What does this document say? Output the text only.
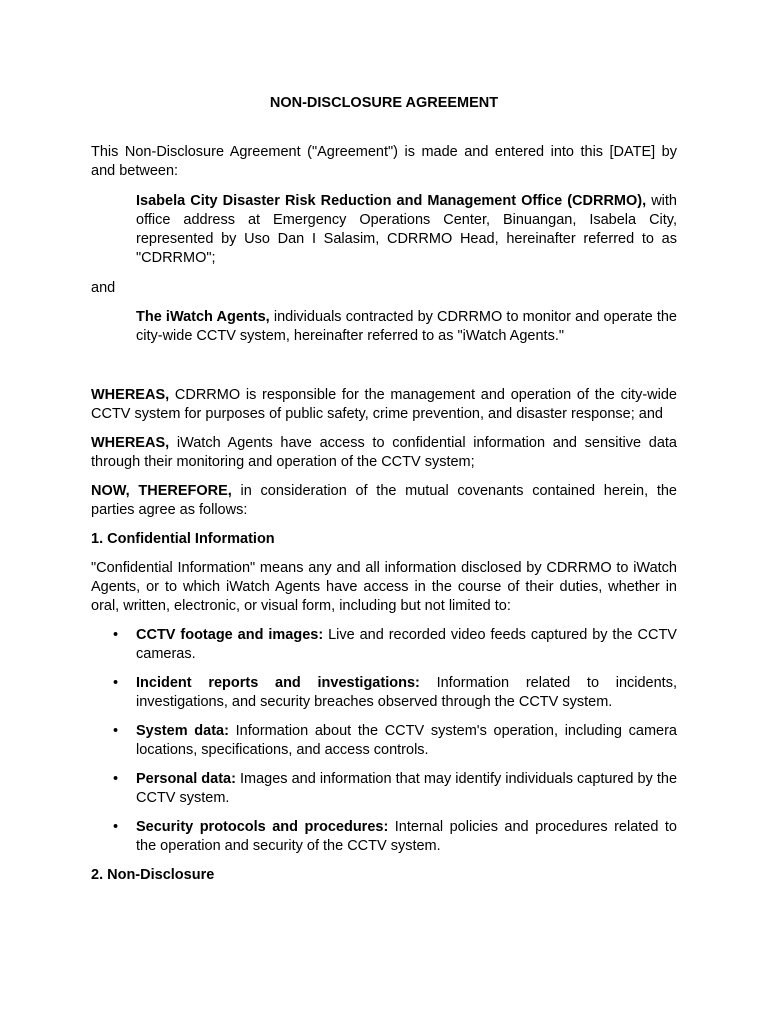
NON-DISCLOSURE AGREEMENT

This Non-Disclosure Agreement ("Agreement") is made and entered into this [DATE] by and between:

Isabela City Disaster Risk Reduction and Management Office (CDRRMO), with office address at Emergency Operations Center, Binuangan, Isabela City, represented by Uso Dan I Salasim, CDRRMO Head, hereinafter referred to as "CDRRMO";

and

The iWatch Agents, individuals contracted by CDRRMO to monitor and operate the city-wide CCTV system, hereinafter referred to as "iWatch Agents."

WHEREAS, CDRRMO is responsible for the management and operation of the city-wide CCTV system for purposes of public safety, crime prevention, and disaster response; and

WHEREAS, iWatch Agents have access to confidential information and sensitive data through their monitoring and operation of the CCTV system;

NOW, THEREFORE, in consideration of the mutual covenants contained herein, the parties agree as follows:

1. Confidential Information

"Confidential Information" means any and all information disclosed by CDRRMO to iWatch Agents, or to which iWatch Agents have access in the course of their duties, whether in oral, written, electronic, or visual form, including but not limited to:

• CCTV footage and images: Live and recorded video feeds captured by the CCTV cameras.
• Incident reports and investigations: Information related to incidents, investigations, and security breaches observed through the CCTV system.
• System data: Information about the CCTV system's operation, including camera locations, specifications, and access controls.
• Personal data: Images and information that may identify individuals captured by the CCTV system.
• Security protocols and procedures: Internal policies and procedures related to the operation and security of the CCTV system.
2. Non-Disclosure
